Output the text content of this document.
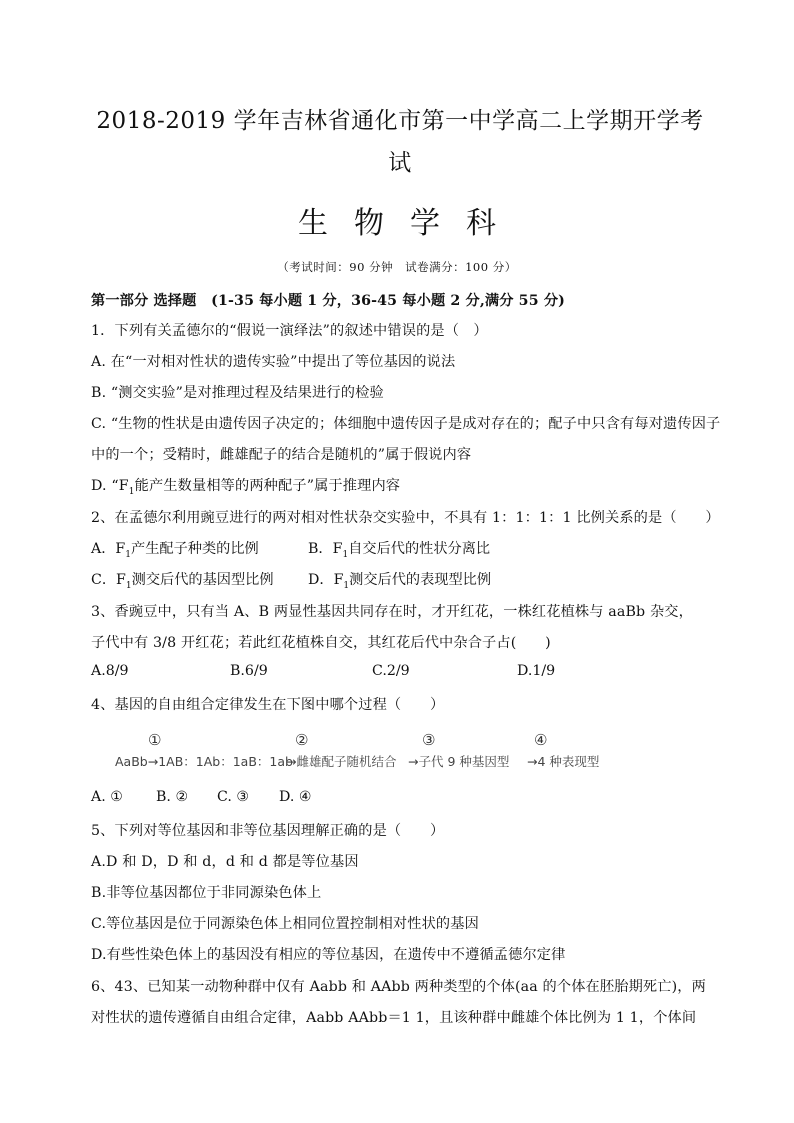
2018-2019 学年吉林省通化市第一中学高二上学期开学考
试
生物学科
（考试时间：90 分钟　试卷满分：100 分）
第一部分 选择题 (1-35 每小题 1 分，36-45 每小题 2 分,满分 55 分)
1．下列有关孟德尔的“假说一演绎法”的叙述中错误的是（　）
A. 在“一对相对性状的遗传实验”中提出了等位基因的说法
B. “测交实验”是对推理过程及结果进行的检验
C. “生物的性状是由遗传因子决定的；体细胞中遗传因子是成对存在的；配子中只含有每对遗传因子
中的一个；受精时，雌雄配子的结合是随机的”属于假说内容
D. “$F_1$能产生数量相等的两种配子”属于推理内容
2、在孟德尔利用豌豆进行的两对相对性状杂交实验中，不具有 1：1：1：1 比例关系的是（　　）
A．$F_1$产生配子种类的比例	B．$F_1$自交后代的性状分离比
C．$F_1$测交后代的基因型比例 D．$F_1$测交后代的表现型比例
3、香豌豆中，只有当 A、B 两显性基因共同存在时，才开红花，一株红花植株与 aaBb 杂交，
子代中有 3/8 开红花；若此红花植株自交，其红花后代中杂合子占(　　)
A.8/9	B.6/9	C.2/9	D.1/9
4、基因的自由组合定律发生在下图中哪个过程（　　）
①	②	③	④
AaBb→1AB：1Ab：1aB：1ab
→雌雄配子随机结合 →子代 9 种基因型 →4 种表现型
A. ① B. ② C. ③ D. ④
5、下列对等位基因和非等位基因理解正确的是（　　）
A.D 和 D，D 和 d，d 和 d 都是等位基因
B.非等位基因都位于非同源染色体上
C.等位基因是位于同源染色体上相同位置控制相对性状的基因
D.有些性染色体上的基因没有相应的等位基因，在遗传中不遵循孟德尔定律
6、43、已知某一动物种群中仅有 Aabb 和 AAbb 两种类型的个体(aa 的个体在胚胎期死亡)，两
对性状的遗传遵循自由组合定律，Aabb AAbb＝1 1，且该种群中雌雄个体比例为 1 1，个体间
